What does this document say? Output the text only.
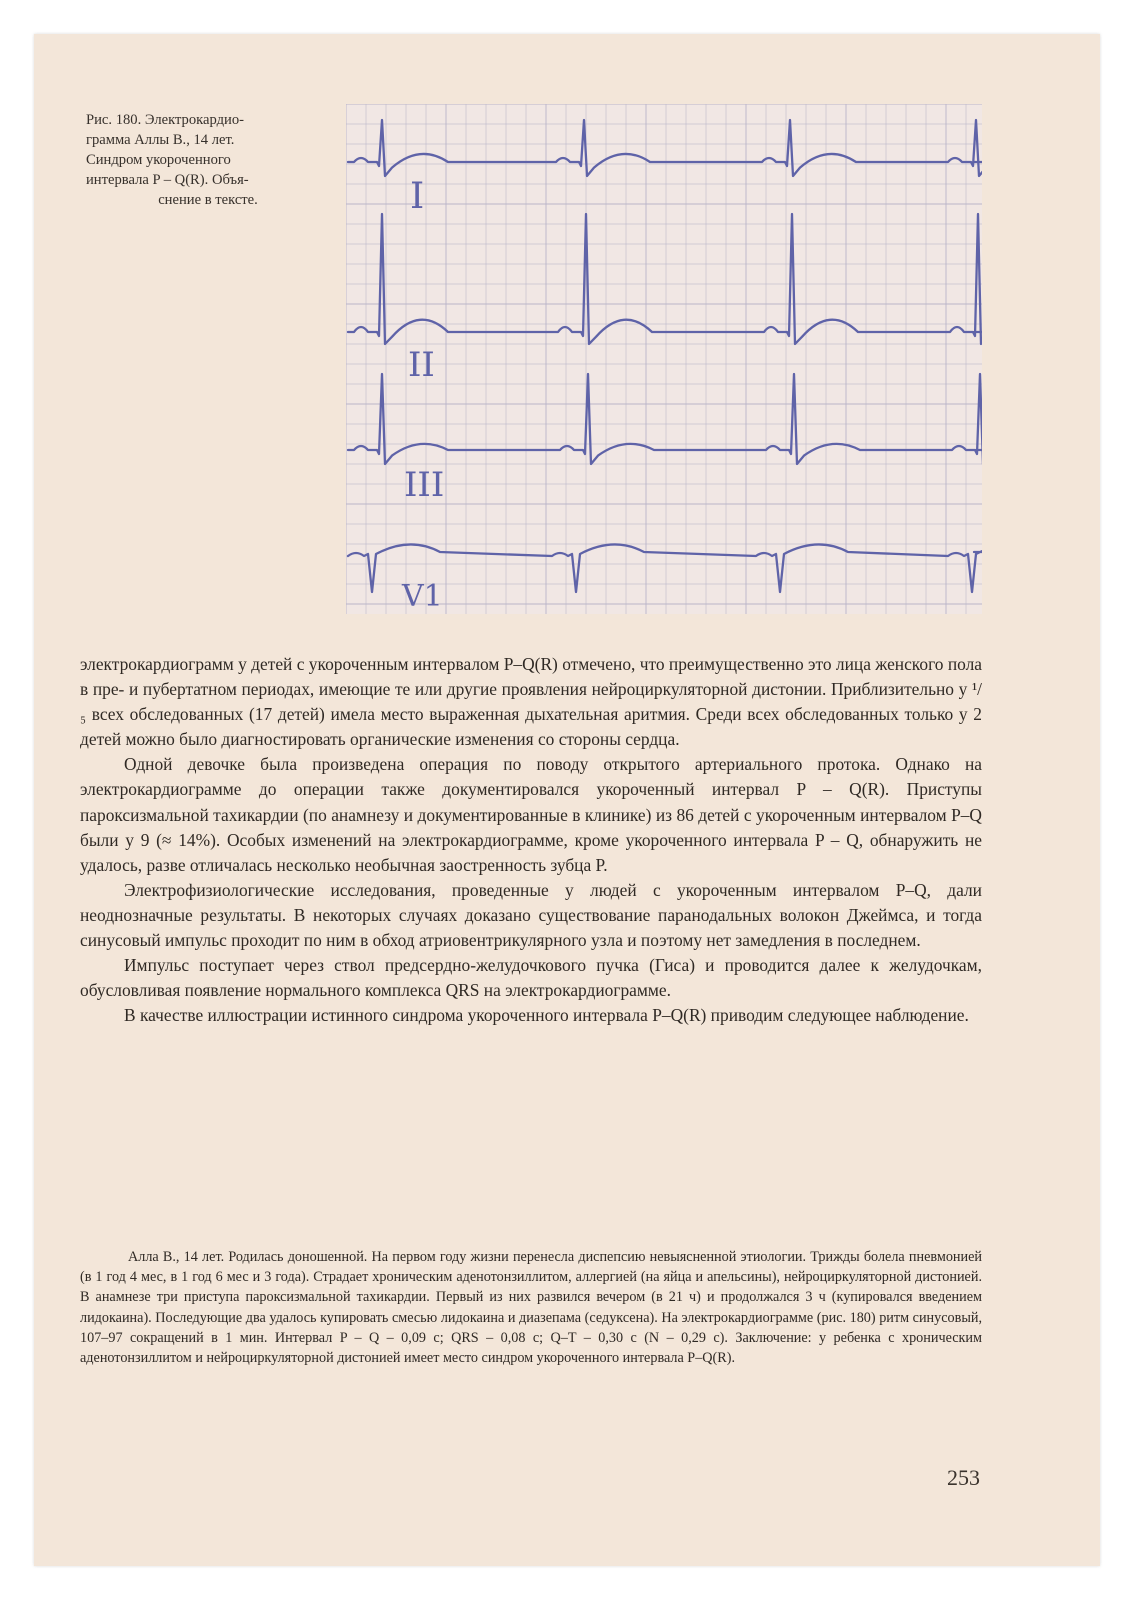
Рис. 180. Электрокардио-
грамма Аллы В., 14 лет.
Синдром укороченного
интервала P – Q(R). Объя-
снение в тексте.	I
II
III
V1

электрокардиограмм у детей с укороченным интервалом P–Q(R) отмечено, что преимущественно это лица женского пола в пре- и пубертатном периодах, имеющие те или другие проявления нейроциркуляторной дистонии. Приблизительно у ¹/₅ всех обследованных (17 детей) имела место выраженная дыхательная аритмия. Среди всех обследованных только у 2 детей можно было диагностировать органические изменения со стороны сердца.

Одной девочке была произведена операция по поводу открытого артериального протока. Однако на электрокардиограмме до операции также документировался укороченный интервал P – Q(R). Приступы пароксизмальной тахикардии (по анамнезу и документированные в клинике) из 86 детей с укороченным интервалом P–Q были у 9 (≈ 14%). Особых изменений на электрокардиограмме, кроме укороченного интервала P – Q, обнаружить не удалось, разве отличалась несколько необычная заостренность зубца P.

Электрофизиологические исследования, проведенные у людей с укороченным интервалом P–Q, дали неоднозначные результаты. В некоторых случаях доказано существование паранодальных волокон Джеймса, и тогда синусовый импульс проходит по ним в обход атриовентрикулярного узла и поэтому нет замедления в последнем.

Импульс поступает через ствол предсердно-желудочкового пучка (Гиса) и проводится далее к желудочкам, обусловливая появление нормального комплекса QRS на электрокардиограмме.

В качестве иллюстрации истинного синдрома укороченного интервала P–Q(R) приводим следующее наблюдение.

Алла В., 14 лет. Родилась доношенной. На первом году жизни перенесла диспепсию невыясненной этиологии. Трижды болела пневмонией (в 1 год 4 мес, в 1 год 6 мес и 3 года). Страдает хроническим аденотонзиллитом, аллергией (на яйца и апельсины), нейроциркуляторной дистонией. В анамнезе три приступа пароксизмальной тахикардии. Первый из них развился вечером (в 21 ч) и продолжался 3 ч (купировался введением лидокаина). Последующие два удалось купировать смесью лидокаина и диазепама (седуксена). На электрокардиограмме (рис. 180) ритм синусовый, 107–97 сокращений в 1 мин. Интервал P – Q – 0,09 с; QRS – 0,08 с; Q–T – 0,30 с (N – 0,29 с). Заключение: у ребенка с хроническим аденотонзиллитом и нейроциркуляторной дистонией имеет место синдром укороченного интервала P–Q(R).

253
